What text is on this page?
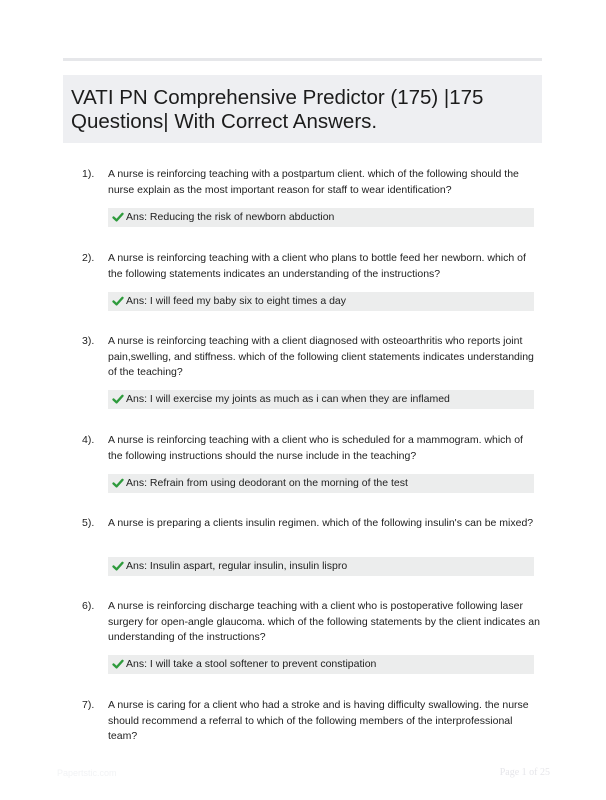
VATI PN Comprehensive Predictor (175) |175 Questions| With Correct Answers.
1). A nurse is reinforcing teaching with a postpartum client. which of the following should the nurse explain as the most important reason for staff to wear identification?
Ans: Reducing the risk of newborn abduction
2). A nurse is reinforcing teaching with a client who plans to bottle feed her newborn. which of the following statements indicates an understanding of the instructions?
Ans: I will feed my baby six to eight times a day
3). A nurse is reinforcing teaching with a client diagnosed with osteoarthritis who reports joint pain,swelling, and stiffness. which of the following client statements indicates understanding of the teaching?
Ans: I will exercise my joints as much as i can when they are inflamed
4). A nurse is reinforcing teaching with a client who is scheduled for a mammogram. which of the following instructions should the nurse include in the teaching?
Ans: Refrain from using deodorant on the morning of the test
5). A nurse is preparing a clients insulin regimen. which of the following insulin's can be mixed?
Ans: Insulin aspart, regular insulin, insulin lispro
6). A nurse is reinforcing discharge teaching with a client who is postoperative following laser surgery for open-angle glaucoma. which of the following statements by the client indicates an understanding of the instructions?
Ans: I will take a stool softener to prevent constipation
7). A nurse is caring for a client who had a stroke and is having difficulty swallowing. the nurse should recommend a referral to which of the following members of the interprofessional team?
Papertstic.com	Page 1 of 25
